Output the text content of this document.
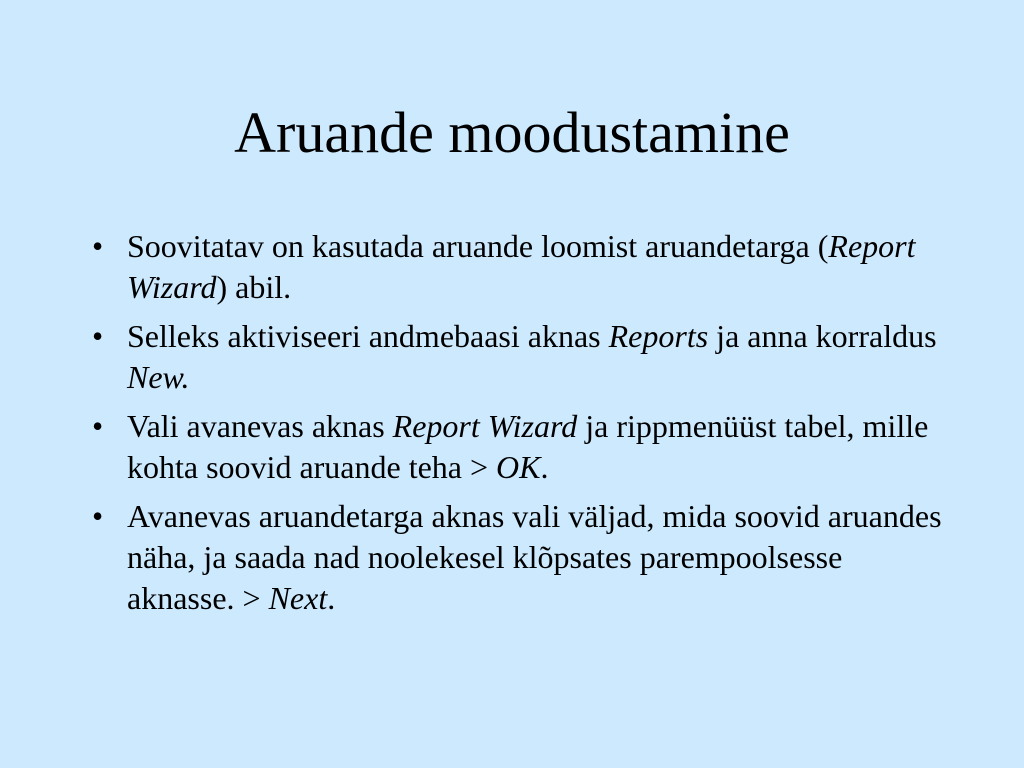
Aruande moodustamine
• Soovitatav on kasutada aruande loomist aruandetarga (Report Wizard) abil.
• Selleks aktiviseeri andmebaasi aknas Reports ja anna korraldus New.
• Vali avanevas aknas Report Wizard ja rippmenüüst tabel, mille kohta soovid aruande teha > OK.
• Avanevas aruandetarga aknas vali väljad, mida soovid aruandes näha, ja saada nad noolekesel klõpsates parempoolsesse aknasse. > Next.
